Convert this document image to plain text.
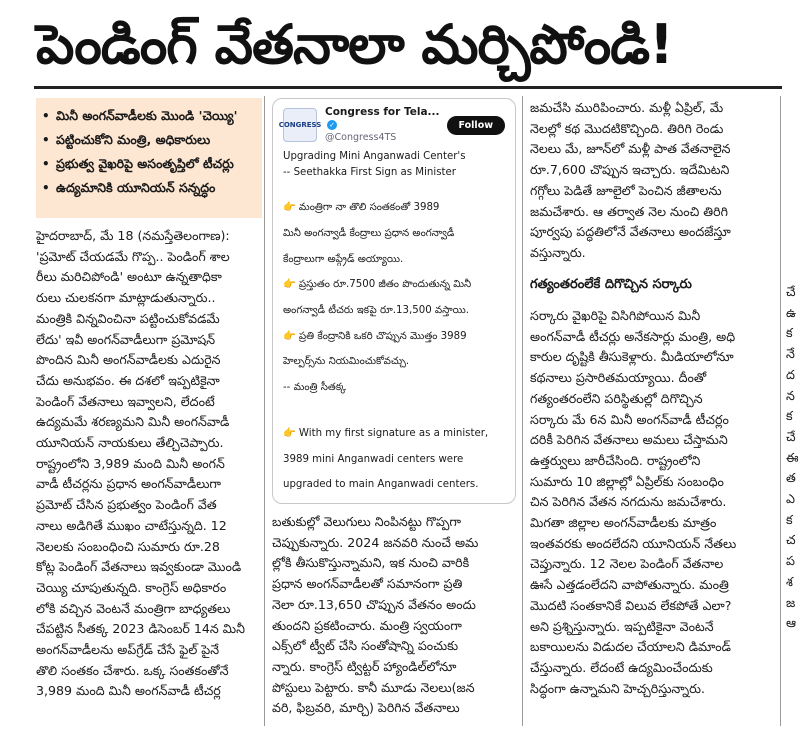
పెండింగ్ వేతనాలా మర్చిపోండి!
• మినీ అంగన్‌వాడీలకు మొండి 'చెయ్యి'
• పట్టించుకోని మంత్రి, అధికారులు
• ప్రభుత్వ వైఖరిపై అసంతృప్తిలో టీచర్లు
• ఉద్యమానికి యూనియన్ సన్నద్ధం

హైదరాబాద్, మే 18 (నమస్తేతెలంగాణ):

'ప్రమోట్ చేయడమే గొప్ప.. పెండింగ్ శాల

రీలు మరిచిపోండి' అంటూ ఉన్నతాధికా

రులు చులకనగా మాట్లాడుతున్నారు..

మంత్రికి విన్నవించినా పట్టించుకోవడమే

లేదు' ఇవీ అంగన్‌వాడీలుగా ప్రమోషన్

పొందిన మినీ అంగన్‌వాడీలకు ఎదురైన

చేదు అనుభవం. ఈ దశలో ఇప్పటికైనా

పెండింగ్ వేతనాలు ఇవ్వాలని, లేదంటే

ఉద్యమమే శరణ్యమని మినీ అంగన్‌వాడీ

యూనియన్ నాయకులు తేల్చిచెప్పారు.

రాష్ట్రంలోని 3,989 మంది మినీ అంగన్

వాడీ టీచర్లను ప్రధాన అంగన్‌వాడీలుగా

ప్రమోట్ చేసిన ప్రభుత్వం పెండింగ్ వేత

నాలు అడిగితే ముఖం చాటేస్తున్నది. 12

నెలలకు సంబంధించి సుమారు రూ.28

కోట్ల పెండింగ్ వేతనాలు ఇవ్వకుండా మొండి

చెయ్యి చూపుతున్నది. కాంగ్రెస్ అధికారం

లోకి వచ్చిన వెంటనే మంత్రిగా బాధ్యతలు

చేపట్టిన సీతక్క 2023 డిసెంబర్ 14న మినీ

అంగన్‌వాడీలను అప్‌గ్రేడ్ చేసే ఫైల్ పైనే

తొలి సంతకం చేశారు. ఒక్క సంతకంతోనే

3,989 మంది మినీ అంగన్‌వాడీ టీచర్ల

CONGRESS
Congress for Tela...✓
@Congress4TS
Follow

Upgrading Mini Anganwadi Center's

-- Seethakka First Sign as Minister

👉 మంత్రిగా నా తొలి సంతకంతో 3989

మినీ అంగన్వాడీ కేంద్రాలు ప్రధాన అంగన్వాడీ

కేంద్రాలుగా అప్గ్రేడ్ అయ్యాయి.

👉 ప్రస్తుతం రూ.7500 జీతం పొందుతున్న మినీ

అంగన్వాడీ టీచరు ఇకపై రూ.13,500 వస్తాయి.

👉 ప్రతి కేంద్రానికి ఒకరి చొప్పున మొత్తం 3989

హెల్పర్స్‌ను నియమించుకోవచ్చు.

-- మంత్రి సీతక్క

👉 With my first signature as a minister,

3989 mini Anganwadi centers were

upgraded to main Anganwadi centers.

బతుకుల్లో వెలుగులు నింపినట్టు గొప్పగా

చెప్పుకున్నారు. 2024 జనవరి నుంచే అమ

ల్లోకి తీసుకొస్తున్నామని, ఇక నుంచి వారికి

ప్రధాన అంగన్‌వాడీలతో సమానంగా ప్రతి

నెలా రూ.13,650 చొప్పున వేతనం అందు

తుందని ప్రకటించారు. మంత్రి స్వయంగా

ఎక్స్‌లో ట్వీట్ చేసి సంతోషాన్ని పంచుకు

న్నారు. కాంగ్రెస్ ట్విట్టర్ హ్యాండిల్‌లోనూ

పోస్టులు పెట్టారు. కానీ మూడు నెలలు(జన

వరి, ఫిబ్రవరి, మార్చి) పెరిగిన వేతనాలు

జమచేసి మురిపించారు. మళ్లీ ఏప్రిల్, మే

నెలల్లో కథ మొదటికొచ్చింది. తిరిగి రెండు

నెలలు మే, జూన్‌లో మళ్లీ పాత వేతనాలైన

రూ.7,600 చొప్పున ఇచ్చారు. ఇదేమిటని

గగ్గోలు పెడితే జూలైలో పెంచిన జీతాలను

జమచేశారు. ఆ తర్వాత నెల నుంచి తిరిగి

పూర్వపు పద్ధతిలోనే వేతనాలు అందజేస్తూ

వస్తున్నారు.

గత్యంతరంలేకే దిగొచ్చిన సర్కారు

సర్కారు వైఖరిపై విసిగిపోయిన మినీ

అంగన్‌వాడీ టీచర్లు అనేకసార్లు మంత్రి, అధి

కారుల దృష్టికి తీసుకెళ్లారు. మీడియాలోనూ

కథనాలు ప్రసారితమయ్యాయి. దీంతో

గత్యంతరంలేని పరిస్థితుల్లో దిగొచ్చిన

సర్కారు మే 6న మినీ అంగన్‌వాడీ టీచర్లం

దరికీ పెరిగిన వేతనాలు అమలు చేస్తామని

ఉత్తర్వులు జారీచేసింది. రాష్ట్రంలోని

సుమారు 10 జిల్లాల్లో ఏప్రిల్‌కు సంబంధిం

చిన పెరిగిన వేతన నగదును జమచేశారు.

మిగతా జిల్లాల అంగన్‌వాడీలకు మాత్రం

ఇంతవరకు అందలేదని యూనియన్ నేతలు

చెప్తున్నారు. 12 నెలల పెండింగ్ వేతనాల

ఊసే ఎత్తడంలేదని వాపోతున్నారు. మంత్రి

మొదటి సంతకానికే విలువ లేకపోతే ఎలా?

అని ప్రశ్నిస్తున్నారు. ఇప్పటికైనా వెంటనే

బకాయిలను విడుదల చేయాలని డిమాండ్

చేస్తున్నారు. లేదంటే ఉద్యమించేందుకు

సిద్ధంగా ఉన్నామని హెచ్చరిస్తున్నారు.

చే

ఉ

క

నే

ద

న

క

చే

ఈ

త

ఎ

క

చ

ప

శ

జ

ఆ
